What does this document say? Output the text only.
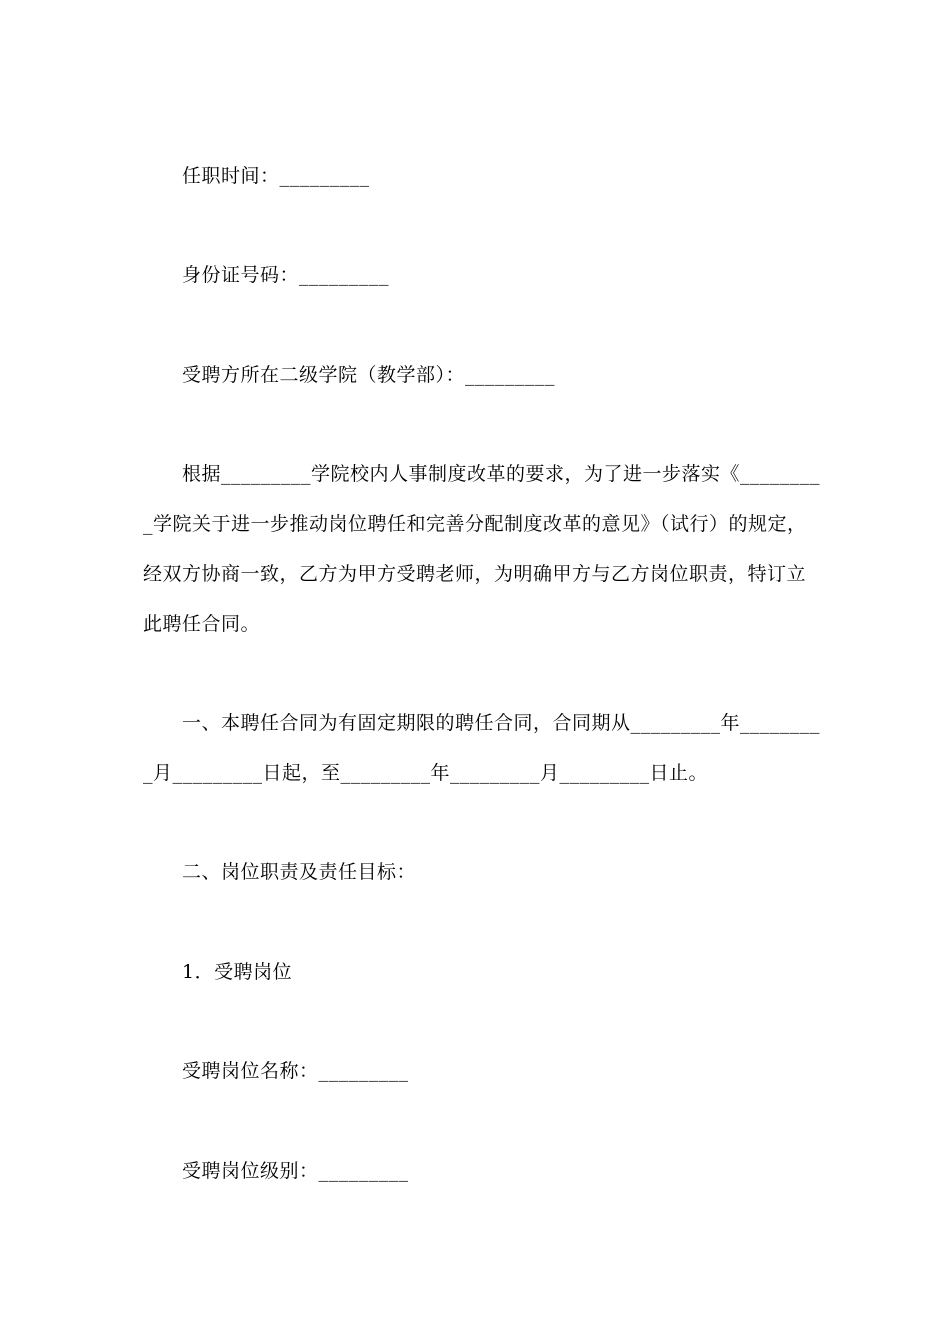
任职时间：_________
身份证号码：_________
受聘方所在二级学院（教学部）：_________
根据_________学院校内人事制度改革的要求，为了进一步落实《________
_学院关于进一步推动岗位聘任和完善分配制度改革的意见》（试行）的规定，
经双方协商一致，乙方为甲方受聘老师，为明确甲方与乙方岗位职责，特订立
此聘任合同。
一、本聘任合同为有固定期限的聘任合同，合同期从_________年________
_月_________日起，至_________年_________月_________日止。
二、岗位职责及责任目标：
1．受聘岗位
受聘岗位名称：_________
受聘岗位级别：_________
